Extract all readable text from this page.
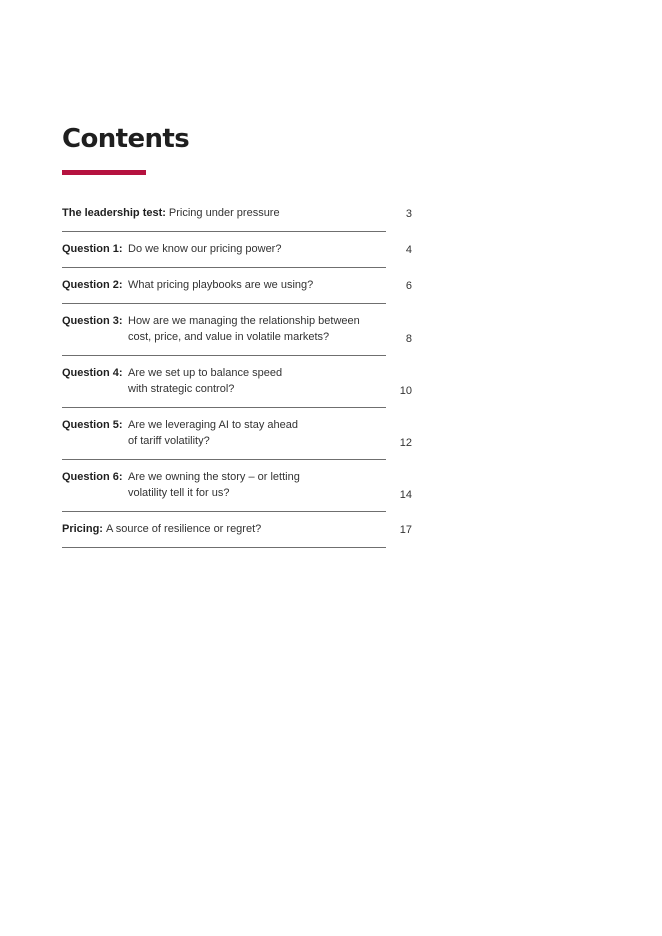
Contents
The leadership test: Pricing under pressure	3
Question 1: Do we know our pricing power?	4
Question 2: What pricing playbooks are we using?	6
Question 3: How are we managing the relationship between
cost, price, and value in volatile markets?	8
Question 4: Are we set up to balance speed
with strategic control?	10
Question 5: Are we leveraging AI to stay ahead
of tariff volatility?	12
Question 6: Are we owning the story – or letting
volatility tell it for us?	14
Pricing: A source of resilience or regret?	17
